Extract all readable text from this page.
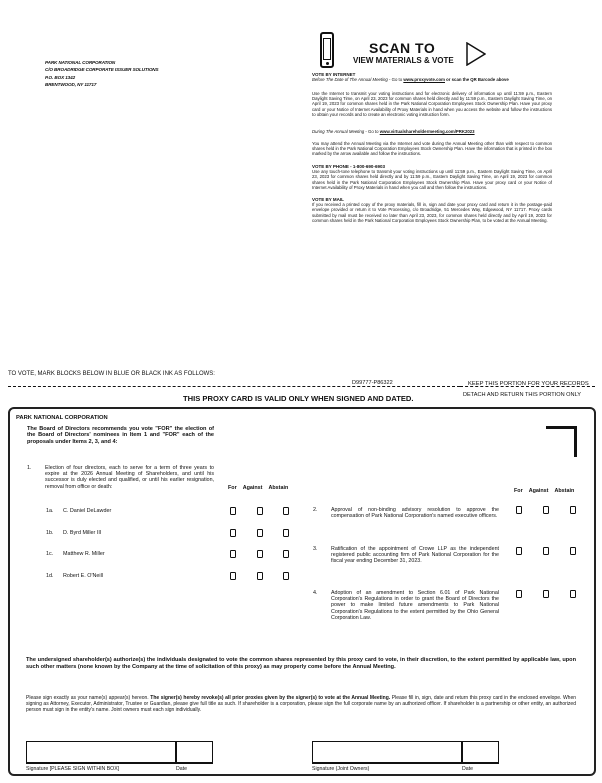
PARK NATIONAL CORPORATION
C/O BROADRIDGE CORPORATE ISSUER SOLUTIONS
P.O. BOX 1342
BRENTWOOD, NY 11717
SCAN TO
VIEW MATERIALS & VOTE
VOTE BY INTERNET
Before The Date of The Annual Meeting - Go to www.proxyvote.com or scan the QR Barcode above
Use the Internet to transmit your voting instructions and for electronic delivery of information up until 11:59 p.m., Eastern Daylight Saving Time, on April 23, 2023 for common shares held directly and by 11:59 p.m., Eastern Daylight Saving Time, on April 19, 2023 for common shares held in the Park National Corporation Employees Stock Ownership Plan. Have your proxy card or your Notice of Internet Availability of Proxy Materials in hand when you access the website and follow the instructions to obtain your records and to create an electronic voting instruction form.
During The Annual Meeting - Go to www.virtualshareholdermeeting.com/PRK2023
You may attend the Annual Meeting via the Internet and vote during the Annual Meeting other than with respect to common shares held in the Park National Corporation Employees Stock Ownership Plan. Have the information that is printed in the box marked by the arrow available and follow the instructions.
VOTE BY PHONE - 1-800-690-6903
Use any touch-tone telephone to transmit your voting instructions up until 11:59 p.m., Eastern Daylight Saving Time, on April 23, 2023 for common shares held directly and by 11:59 p.m., Eastern Daylight Saving Time, on April 19, 2023 for common shares held in the Park National Corporation Employees Stock Ownership Plan. Have your proxy card or your Notice of Internet Availability of Proxy Materials in hand when you call and then follow the instructions.
VOTE BY MAIL
If you received a printed copy of the proxy materials, fill in, sign and date your proxy card and return it in the postage-paid envelope provided or return it to Vote Processing, c/o Broadridge, 51 Mercedes Way, Edgewood, NY 11717. Proxy cards submitted by mail must be received no later than April 23, 2023, for common shares held directly and by April 19, 2023 for common shares held in the Park National Corporation Employees Stock Ownership Plan, to be voted at the Annual Meeting.
TO VOTE, MARK BLOCKS BELOW IN BLUE OR BLACK INK AS FOLLOWS:
D99777-P86322	KEEP THIS PORTION FOR YOUR RECORDS
DETACH AND RETURN THIS PORTION ONLY
THIS PROXY CARD IS VALID ONLY WHEN SIGNED AND DATED.
PARK NATIONAL CORPORATION
The Board of Directors recommends you vote "FOR" the election of the Board of Directors' nominees in Item 1 and "FOR" each of the proposals under Items 2, 3, and 4:
1.	Election of four directors, each to serve for a term of three years to expire at the 2026 Annual Meeting of Shareholders, and until his successor is duly elected and qualified, or until his earlier resignation, removal from office or death:	For Against Abstain
1a. C. Daniel DeLawder
1b. D. Byrd Miller III
1c. Matthew R. Miller
1d. Robert E. O'Neill
For Against Abstain
2.	Approval of non-binding advisory resolution to approve the compensation of Park National Corporation's named executive officers.
3.	Ratification of the appointment of Crowe LLP as the independent registered public accounting firm of Park National Corporation for the fiscal year ending December 31, 2023.
4.	Adoption of an amendment to Section 6.01 of Park National Corporation's Regulations in order to grant the Board of Directors the power to make limited future amendments to Park National Corporation's Regulations to the extent permitted by the Ohio General Corporation Law.
The undersigned shareholder(s) authorize(s) the individuals designated to vote the common shares represented by this proxy card to vote, in their discretion, to the extent permitted by applicable law, upon such other matters (none known by the Company at the time of solicitation of this proxy) as may properly come before the Annual Meeting.
Please sign exactly as your name(s) appear(s) hereon. The signer(s) hereby revoke(s) all prior proxies given by the signer(s) to vote at the Annual Meeting. Please fill in, sign, date and return this proxy card in the enclosed envelope. When signing as Attorney, Executor, Administrator, Trustee or Guardian, please give full title as such. If shareholder is a corporation, please sign the full corporate name by an authorized officer. If shareholder is a partnership or other entity, an authorized person must sign in the entity's name. Joint owners must each sign individually.
Signature [PLEASE SIGN WITHIN BOX]	Date	Signature (Joint Owners)	Date
